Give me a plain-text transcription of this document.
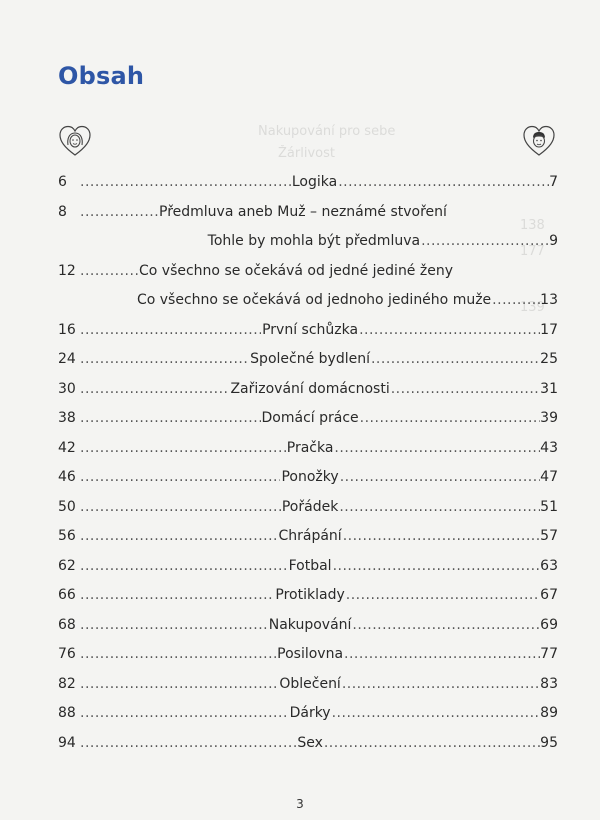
Obsah
Nakupování pro sebe
Žárlivost
138
177
139
6 .....	Logika .....	7
8 .....	Předmluva aneb Muž – neznámé stvoření
Tohle by mohla být předmluva .....	9
12 .....	Co všechno se očekává od jedné jediné ženy
Co všechno se očekává od jednoho jediného muže .....	13
16 .....	První schůzka .....	17
24 .....	Společné bydlení .....	25
30 .....	Zařizování domácnosti .....	31
38 .....	Domácí práce .....	39
42 .....	Pračka .....	43
46 .....	Ponožky .....	47
50 .....	Pořádek .....	51
56 .....	Chrápání .....	57
62 .....	Fotbal .....	63
66 .....	Protiklady .....	67
68 .....	Nakupování .....	69
76 .....	Posilovna .....	77
82 .....	Oblečení .....	83
88 .....	Dárky .....	89
94 .....	Sex .....	95
3
